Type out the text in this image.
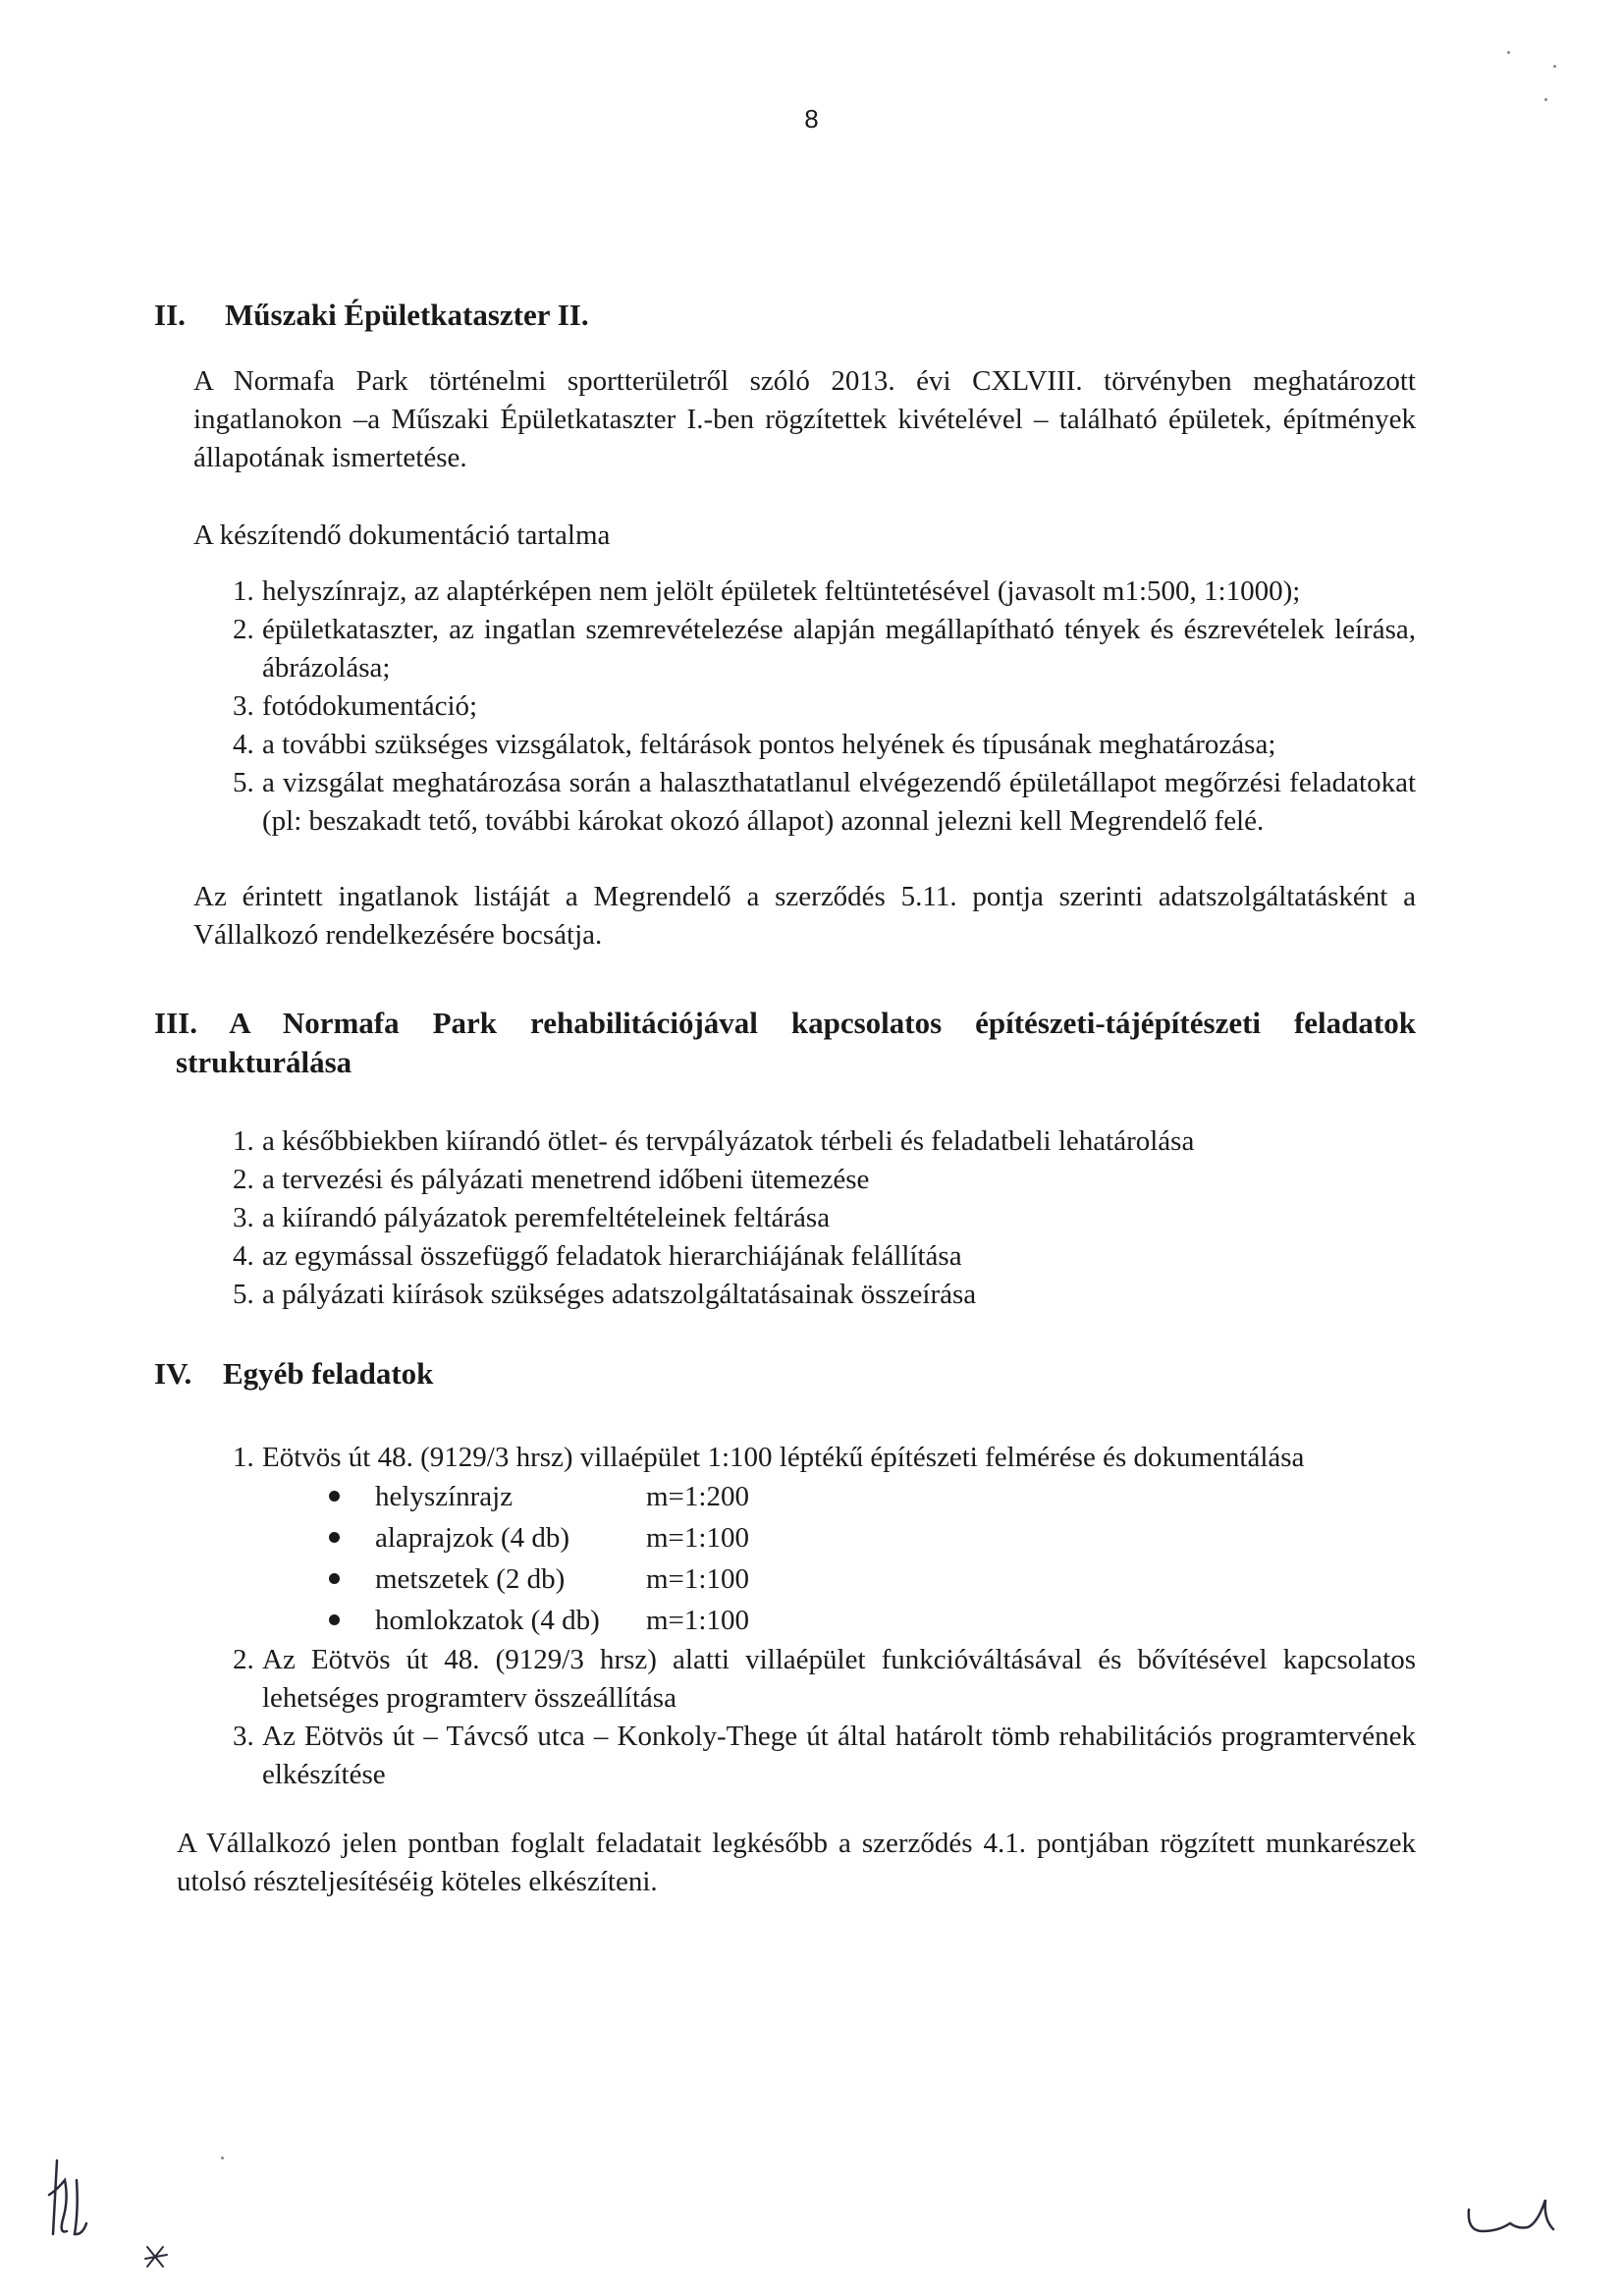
8
II. Műszaki Épületkataszter II.
A Normafa Park történelmi sportterületről szóló 2013. évi CXLVIII. törvényben meghatározott ingatlanokon –a Műszaki Épületkataszter I.-ben rögzítettek kivételével – található épületek, építmények állapotának ismertetése.
A készítendő dokumentáció tartalma
1. helyszínrajz, az alaptérképen nem jelölt épületek feltüntetésével (javasolt m1:500, 1:1000);
2. épületkataszter, az ingatlan szemrevételezése alapján megállapítható tények és észrevételek leírása, ábrázolása;
3. fotódokumentáció;
4. a további szükséges vizsgálatok, feltárások pontos helyének és típusának meghatározása;
5. a vizsgálat meghatározása során a halaszthatatlanul elvégezendő épületállapot megőrzési feladatokat (pl: beszakadt tető, további károkat okozó állapot) azonnal jelezni kell Megrendelő felé.
Az érintett ingatlanok listáját a Megrendelő a szerződés 5.11. pontja szerinti adatszolgáltatásként a Vállalkozó rendelkezésére bocsátja.
III. A Normafa Park rehabilitációjával kapcsolatos építészeti-tájépítészeti feladatok
strukturálása
1. a későbbiekben kiírandó ötlet- és tervpályázatok térbeli és feladatbeli lehatárolása
2. a tervezési és pályázati menetrend időbeni ütemezése
3. a kiírandó pályázatok peremfeltételeinek feltárása
4. az egymással összefüggő feladatok hierarchiájának felállítása
5. a pályázati kiírások szükséges adatszolgáltatásainak összeírása
IV. Egyéb feladatok
1. Eötvös út 48. (9129/3 hrsz) villaépület 1:100 léptékű építészeti felmérése és dokumentálása
helyszínrajz	m=1:200
alaprajzok (4 db)	m=1:100
metszetek (2 db)	m=1:100
homlokzatok (4 db) m=1:100
2. Az Eötvös út 48. (9129/3 hrsz) alatti villaépület funkcióváltásával és bővítésével kapcsolatos lehetséges programterv összeállítása
3. Az Eötvös út – Távcső utca – Konkoly-Thege út által határolt tömb rehabilitációs programtervének elkészítése
A Vállalkozó jelen pontban foglalt feladatait legkésőbb a szerződés 4.1. pontjában rögzített munkarészek utolsó részteljesítéséig köteles elkészíteni.
